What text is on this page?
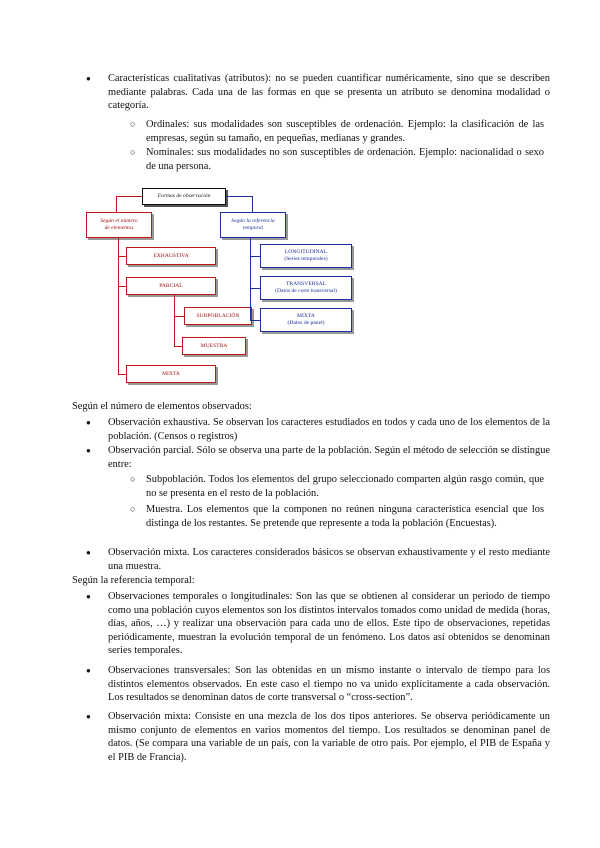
● Características cualitativas (atributos): no se pueden cuantificar numéricamente, sino que se describen mediante palabras. Cada una de las formas en que se presenta un atributo se denomina modalidad o categoría.
○ Ordinales: sus modalidades son susceptibles de ordenación. Ejemplo: la clasificación de las empresas, según su tamaño, en pequeñas, medianas y grandes.
○ Nominales: sus modalidades no son susceptibles de ordenación. Ejemplo: nacionalidad o sexo de una persona.
Formas de observación
Según el número
de elementos
Según la referencia
temporal
EXHAUSTIVA
PARCIAL
SUBPOBLACIÓN
MUESTRA
MIXTA
LONGITUDINAL
(Series temporales)
TRANSVERSAL
(Datos de corte transversal)
MIXTA
(Datos de panel)
Según el número de elementos observados:
● Observación exhaustiva. Se observan los caracteres estudiados en todos y cada uno de los elementos de la población. (Censos o registros)
● Observación parcial. Sólo se observa una parte de la población. Según el método de selección se distingue entre:
○ Subpoblación. Todos los elementos del grupo seleccionado comparten algún rasgo común, que no se presenta en el resto de la población.
○ Muestra. Los elementos que la componen no reúnen ninguna característica esencial que los distinga de los restantes. Se pretende que represente a toda la población (Encuestas).
● Observación mixta. Los caracteres considerados básicos se observan exhaustivamente y el resto mediante una muestra.
Según la referencia temporal:
● Observaciones temporales o longitudinales: Son las que se obtienen al considerar un periodo de tiempo como una población cuyos elementos son los distintos intervalos tomados como unidad de medida (horas, días, años, …) y realizar una observación para cada uno de ellos. Este tipo de observaciones, repetidas periódicamente, muestran la evolución temporal de un fenómeno. Los datos así obtenidos se denominan series temporales.
● Observaciones transversales: Son las obtenidas en un mismo instante o intervalo de tiempo para los distintos elementos observados. En este caso el tiempo no va unido explícitamente a cada observación. Los resultados se denominan datos de corte transversal o “cross-section”.
● Observación mixta: Consiste en una mezcla de los dos tipos anteriores. Se observa periódicamente un mismo conjunto de elementos en varios momentos del tiempo. Los resultados se denominan panel de datos. (Se compara una variable de un país, con la variable de otro país. Por ejemplo, el PIB de España y el PIB de Francia).
